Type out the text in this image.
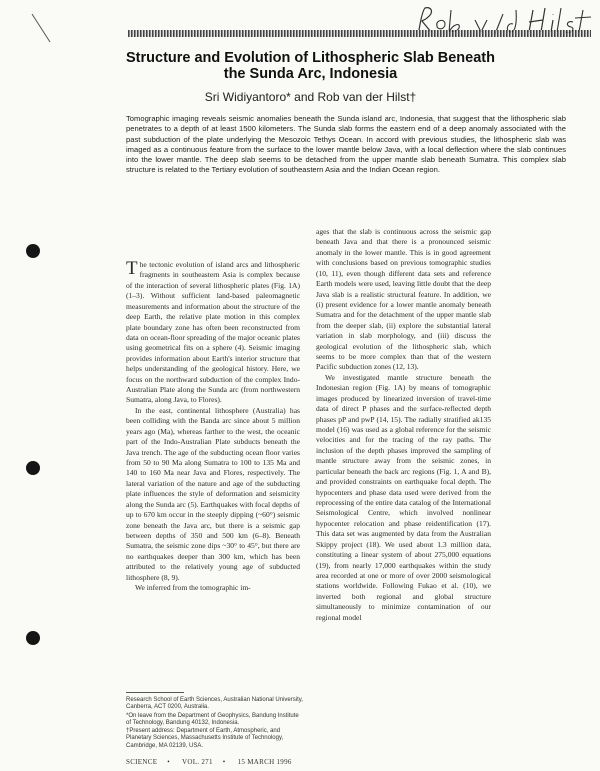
Structure and Evolution of Lithospheric Slab Beneath the Sunda Arc, Indonesia
Sri Widiyantoro* and Rob van der Hilst†
Tomographic imaging reveals seismic anomalies beneath the Sunda island arc, Indonesia, that suggest that the lithospheric slab penetrates to a depth of at least 1500 kilometers. The Sunda slab forms the eastern end of a deep anomaly associated with the past subduction of the plate underlying the Mesozoic Tethys Ocean. In accord with previous studies, the lithospheric slab was imaged as a continuous feature from the surface to the lower mantle below Java, with a local deflection where the slab continues into the lower mantle. The deep slab seems to be detached from the upper mantle slab beneath Sumatra. This complex slab structure is related to the Tertiary evolution of southeastern Asia and the Indian Ocean region.

The tectonic evolution of island arcs and lithospheric fragments in southeastern Asia is complex because of the interaction of several lithospheric plates (Fig. 1A) (1–3). Without sufficient land-based paleomagnetic measurements and information about the structure of the deep Earth, the relative plate motion in this complex plate boundary zone has often been reconstructed from data on ocean-floor spreading of the major oceanic plates using geometrical fits on a sphere (4). Seismic imaging provides information about Earth's interior structure that helps understanding of the geological history. Here, we focus on the northward subduction of the complex Indo-Australian Plate along the Sunda arc (from northwestern Sumatra, along Java, to Flores).

In the east, continental lithosphere (Australia) has been colliding with the Banda arc since about 5 million years ago (Ma), whereas farther to the west, the oceanic part of the Indo-Australian Plate subducts beneath the Java trench. The age of the subducting ocean floor varies from 50 to 90 Ma along Sumatra to 100 to 135 Ma and 140 to 160 Ma near Java and Flores, respectively. The lateral variation of the nature and age of the subducting plate influences the style of deformation and seismicity along the Sunda arc (5). Earthquakes with focal depths of up to 670 km occur in the steeply dipping (~60°) seismic zone beneath the Java arc, but there is a seismic gap between depths of 350 and 500 km (6–8). Beneath Sumatra, the seismic zone dips ~30° to 45°, but there are no earthquakes deeper than 300 km, which has been attributed to the relatively young age of subducted lithosphere (8, 9).

We inferred from the tomographic im-

ages that the slab is continuous across the seismic gap beneath Java and that there is a pronounced seismic anomaly in the lower mantle. This is in good agreement with conclusions based on previous tomographic studies (10, 11), even though different data sets and reference Earth models were used, leaving little doubt that the deep Java slab is a realistic structural feature. In addition, we (i) present evidence for a lower mantle anomaly beneath Sumatra and for the detachment of the upper mantle slab from the deeper slab, (ii) explore the substantial lateral variation in slab morphology, and (iii) discuss the geological evolution of the lithospheric slab, which seems to be more complex than that of the western Pacific subduction zones (12, 13).

We investigated mantle structure beneath the Indonesian region (Fig. 1A) by means of tomographic images produced by linearized inversion of travel-time data of direct P phases and the surface-reflected depth phases pP and pwP (14, 15). The radially stratified ak135 model (16) was used as a global reference for the seismic velocities and for the tracing of the ray paths. The inclusion of the depth phases improved the sampling of mantle structure away from the seismic zones, in particular beneath the back arc regions (Fig. 1, A and B), and provided constraints on earthquake focal depth. The hypocenters and phase data used were derived from the reprocessing of the entire data catalog of the International Seismological Centre, which involved nonlinear hypocenter relocation and phase reidentification (17). This data set was augmented by data from the Australian Skippy project (18). We used about 1.3 million data, constituting a linear system of about 275,000 equations (19), from nearly 17,000 earthquakes within the study area recorded at one or more of over 2000 seismological stations worldwide. Following Fukao et al. (10), we inverted both regional and global structure simultaneously to minimize contamination of our regional model

Research School of Earth Sciences, Australian National University, Canberra, ACT 0200, Australia.

*On leave from the Department of Geophysics, Bandung Institute of Technology, Bandung 40132, Indonesia.

†Present address: Department of Earth, Atmospheric, and Planetary Sciences, Massachusetts Institute of Technology, Cambridge, MA 02139, USA.

SCIENCE • VOL. 271 • 15 MARCH 1996
